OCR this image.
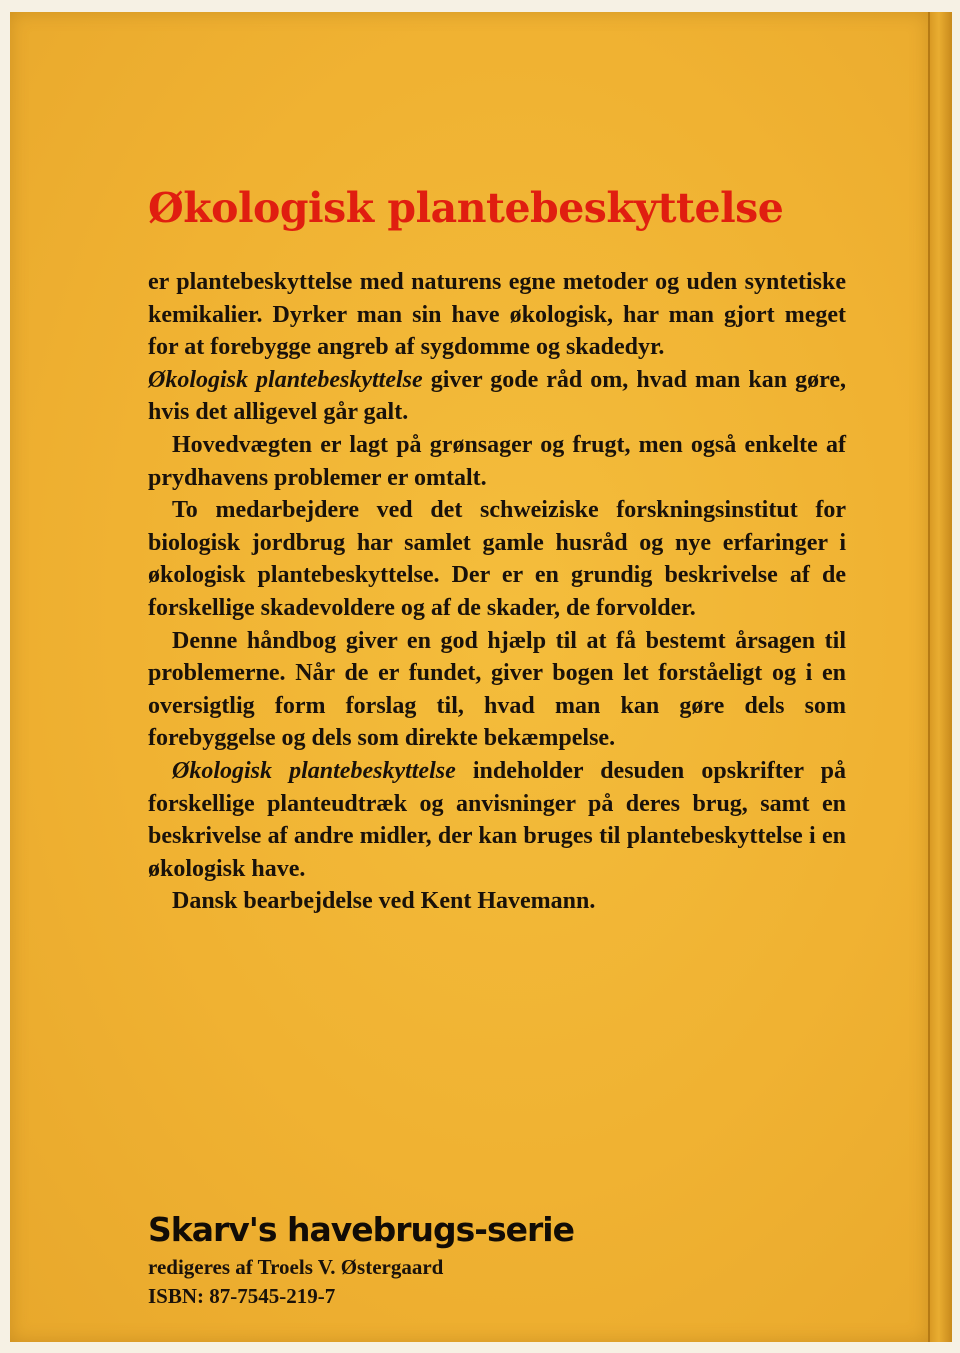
Økologisk plantebeskyttelse

er plantebeskyttelse med naturens egne metoder og uden syntetiske kemikalier. Dyrker man sin have økologisk, har man gjort meget for at forebygge angreb af sygdomme og skadedyr.

Økologisk plantebeskyttelse giver gode råd om, hvad man kan gøre, hvis det alligevel går galt.

Hovedvægten er lagt på grønsager og frugt, men også enkelte af prydhavens problemer er omtalt.

To medarbejdere ved det schweiziske forskningsinstitut for biologisk jordbrug har samlet gamle husråd og nye erfaringer i økologisk plantebeskyttelse. Der er en grundig beskrivelse af de forskellige skadevoldere og af de skader, de forvolder.

Denne håndbog giver en god hjælp til at få bestemt årsagen til problemerne. Når de er fundet, giver bogen let forståeligt og i en oversigtlig form forslag til, hvad man kan gøre dels som forebyggelse og dels som direkte bekæmpelse.

Økologisk plantebeskyttelse indeholder desuden opskrifter på forskellige planteudtræk og anvisninger på deres brug, samt en beskrivelse af andre midler, der kan bruges til plantebeskyttelse i en økologisk have.

Dansk bearbejdelse ved Kent Havemann.

Skarv's havebrugs-serie

redigeres af Troels V. Østergaard

ISBN: 87-7545-219-7
